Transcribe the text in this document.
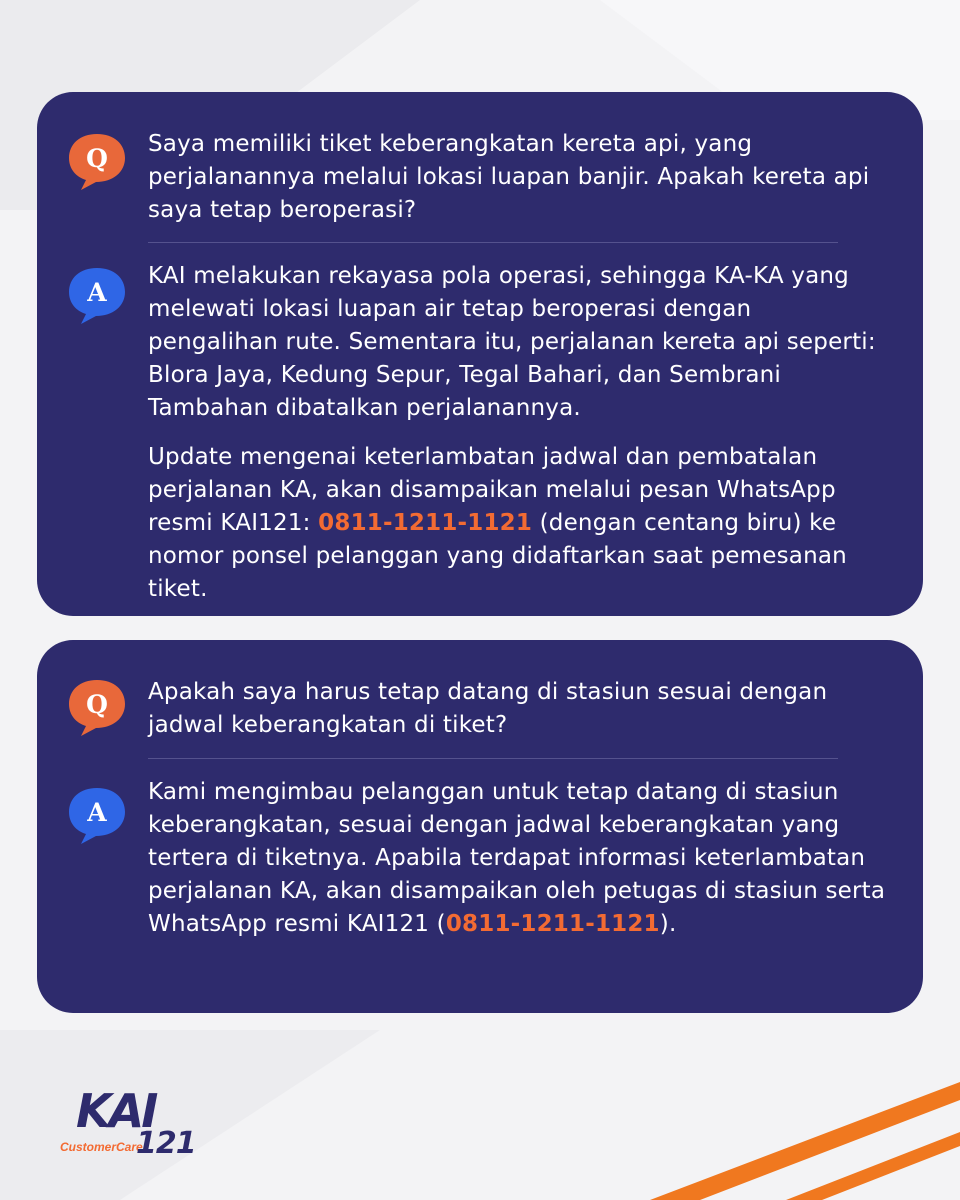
Q Saya memiliki tiket keberangkatan kereta api, yang perjalanannya melalui lokasi luapan banjir. Apakah kereta api saya tetap beroperasi?

A

KAI melakukan rekayasa pola operasi, sehingga KA-KA yang melewati lokasi luapan air tetap beroperasi dengan pengalihan rute. Sementara itu, perjalanan kereta api seperti: Blora Jaya, Kedung Sepur, Tegal Bahari, dan Sembrani Tambahan dibatalkan perjalanannya.

Update mengenai keterlambatan jadwal dan pembatalan perjalanan KA, akan disampaikan melalui pesan WhatsApp resmi KAI121: 0811-1211-1121 (dengan centang biru) ke nomor ponsel pelanggan yang didaftarkan saat pemesanan tiket.

Q Apakah saya harus tetap datang di stasiun sesuai dengan jadwal keberangkatan di tiket?

A

Kami mengimbau pelanggan untuk tetap datang di stasiun keberangkatan, sesuai dengan jadwal keberangkatan yang tertera di tiketnya. Apabila terdapat informasi keterlambatan perjalanan KA, akan disampaikan oleh petugas di stasiun serta WhatsApp resmi KAI121 (0811-1211-1121).

KAI
CustomerCare
121
